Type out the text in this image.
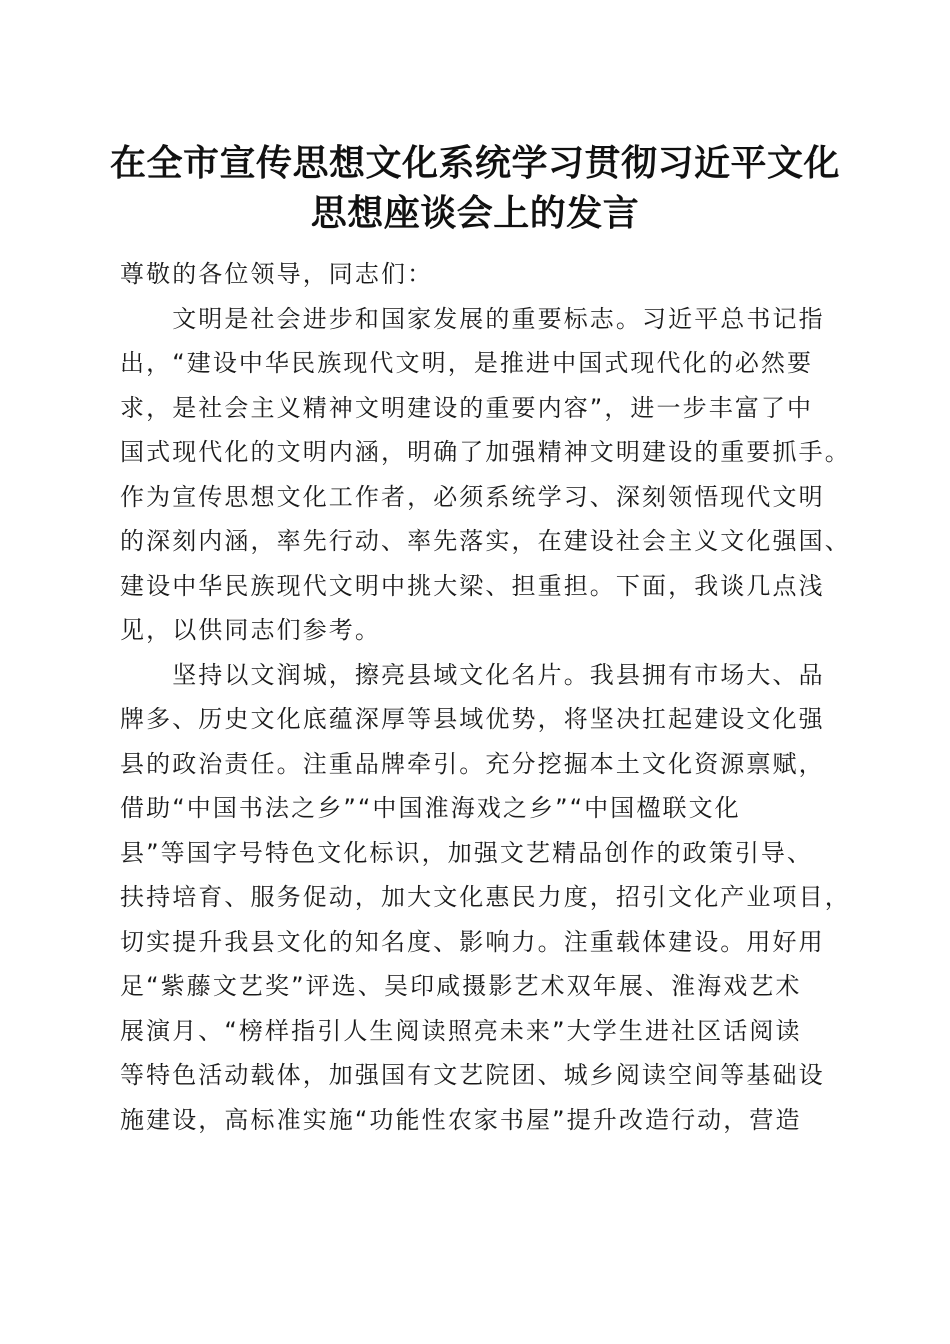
在全市宣传思想文化系统学习贯彻习近平文化
思想座谈会上的发言
尊敬的各位领导，同志们：
　　文明是社会进步和国家发展的重要标志。习近平总书记指
出，“建设中华民族现代文明，是推进中国式现代化的必然要
求，是社会主义精神文明建设的重要内容”，进一步丰富了中
国式现代化的文明内涵，明确了加强精神文明建设的重要抓手。
作为宣传思想文化工作者，必须系统学习、深刻领悟现代文明
的深刻内涵，率先行动、率先落实，在建设社会主义文化强国、
建设中华民族现代文明中挑大梁、担重担。下面，我谈几点浅
见，以供同志们参考。
　　坚持以文润城，擦亮县域文化名片。我县拥有市场大、品
牌多、历史文化底蕴深厚等县域优势，将坚决扛起建设文化强
县的政治责任。注重品牌牵引。充分挖掘本土文化资源禀赋，
借助“中国书法之乡”“中国淮海戏之乡”“中国楹联文化
县”等国字号特色文化标识，加强文艺精品创作的政策引导、
扶持培育、服务促动，加大文化惠民力度，招引文化产业项目，
切实提升我县文化的知名度、影响力。注重载体建设。用好用
足“紫藤文艺奖”评选、吴印咸摄影艺术双年展、淮海戏艺术
展演月、“榜样指引人生阅读照亮未来”大学生进社区话阅读
等特色活动载体，加强国有文艺院团、城乡阅读空间等基础设
施建设，高标准实施“功能性农家书屋”提升改造行动，营造
